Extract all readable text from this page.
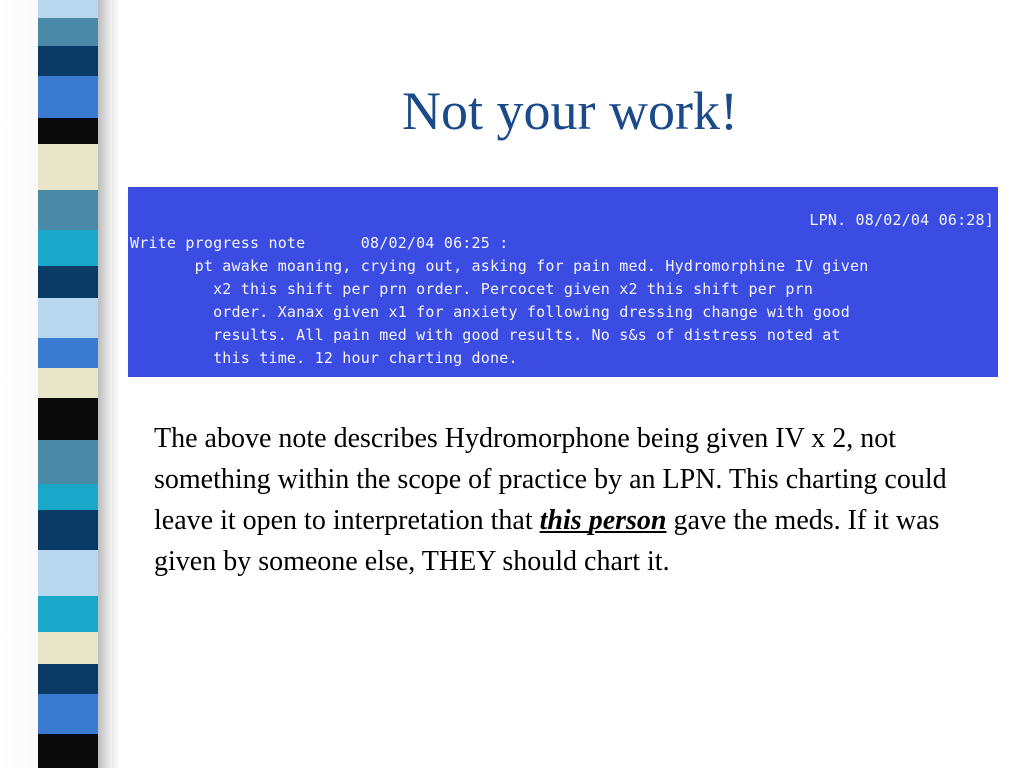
Not your work!
LPN. 08/02/04 06:28]
Write progress note      08/02/04 06:25 :
pt awake moaning, crying out, asking for pain med. Hydromorphine IV given
x2 this shift per prn order. Percocet given x2 this shift per prn
order. Xanax given x1 for anxiety following dressing change with good
results. All pain med with good results. No s&s of distress noted at
this time. 12 hour charting done.
The above note describes Hydromorphone being given IV x 2, not something within the scope of practice by an LPN. This charting could leave it open to interpretation that this person gave the meds. If it was given by someone else, THEY should chart it.
